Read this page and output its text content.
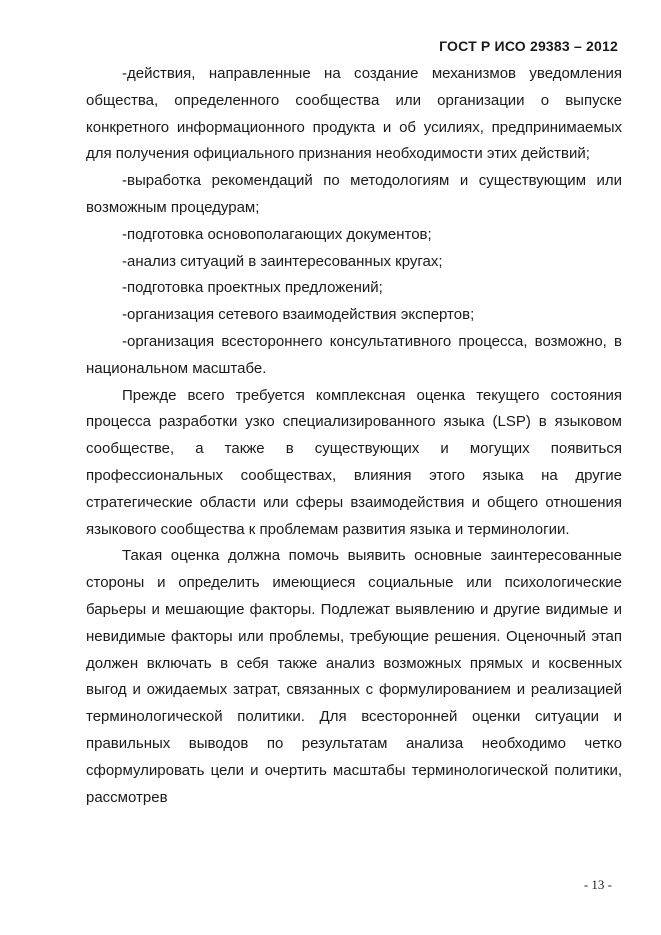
ГОСТ Р ИСО 29383 – 2012

-действия, направленные на создание механизмов уведомления общества, определенного сообщества или организации о выпуске конкретного информационного продукта и об усилиях, предпринимаемых для получения официального признания необходимости этих действий;

-выработка рекомендаций по методологиям и существующим или возможным процедурам;

-подготовка основополагающих документов;

-анализ ситуаций в заинтересованных кругах;

-подготовка проектных предложений;

-организация сетевого взаимодействия экспертов;

-организация всестороннего консультативного процесса, возможно, в национальном масштабе.

Прежде всего требуется комплексная оценка текущего состояния процесса разработки узко специализированного языка (LSP) в языковом сообществе, а также в существующих и могущих появиться профессиональных сообществах, влияния этого языка на другие стратегические области или сферы взаимодействия и общего отношения языкового сообщества к проблемам развития языка и терминологии.

Такая оценка должна помочь выявить основные заинтересованные стороны и определить имеющиеся социальные или психологические барьеры и мешающие факторы. Подлежат выявлению и другие видимые и невидимые факторы или проблемы, требующие решения. Оценочный этап должен включать в себя также анализ возможных прямых и косвенных выгод и ожидаемых затрат, связанных с формулированием и реализацией терминологической политики. Для всесторонней оценки ситуации и правильных выводов по результатам анализа необходимо четко сформулировать цели и очертить масштабы терминологической политики, рассмотрев

- 13 -
